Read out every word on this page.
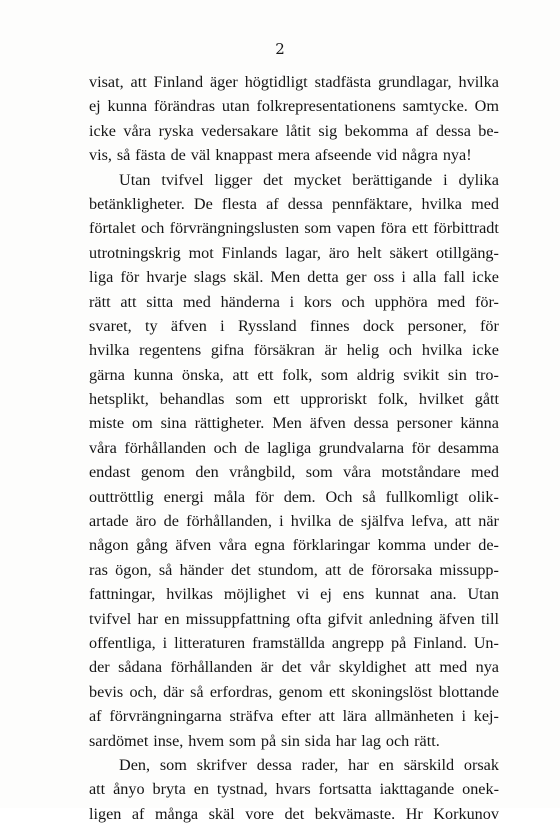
2
visat, att Finland äger högtidligt stadfästa grundlagar, hvilka
ej kunna förändras utan folkrepresentationens samtycke. Om
icke våra ryska vedersakare låtit sig bekomma af dessa be-
vis, så fästa de väl knappast mera afseende vid några nya!
Utan tvifvel ligger det mycket berättigande i dylika
betänkligheter. De flesta af dessa pennfäktare, hvilka med
förtalet och förvrängningslusten som vapen föra ett förbittradt
utrotningskrig mot Finlands lagar, äro helt säkert otillgäng-
liga för hvarje slags skäl. Men detta ger oss i alla fall icke
rätt att sitta med händerna i kors och upphöra med för-
svaret, ty äfven i Ryssland finnes dock personer, för
hvilka regentens gifna försäkran är helig och hvilka icke
gärna kunna önska, att ett folk, som aldrig svikit sin tro-
hetsplikt, behandlas som ett upproriskt folk, hvilket gått
miste om sina rättigheter. Men äfven dessa personer känna
våra förhållanden och de lagliga grundvalarna för desamma
endast genom den vrångbild, som våra motståndare med
outtröttlig energi måla för dem. Och så fullkomligt olik-
artade äro de förhållanden, i hvilka de själfva lefva, att när
någon gång äfven våra egna förklaringar komma under de-
ras ögon, så händer det stundom, att de förorsaka missupp-
fattningar, hvilkas möjlighet vi ej ens kunnat ana. Utan
tvifvel har en missuppfattning ofta gifvit anledning äfven till
offentliga, i litteraturen framställda angrepp på Finland. Un-
der sådana förhållanden är det vår skyldighet att med nya
bevis och, där så erfordras, genom ett skoningslöst blottande
af förvrängningarna sträfva efter att lära allmänheten i kej-
sardömet inse, hvem som på sin sida har lag och rätt.
Den, som skrifver dessa rader, har en särskild orsak
att ånyo bryta en tystnad, hvars fortsatta iakttagande onek-
ligen af många skäl vore det bekvämaste. Hr Korkunov
